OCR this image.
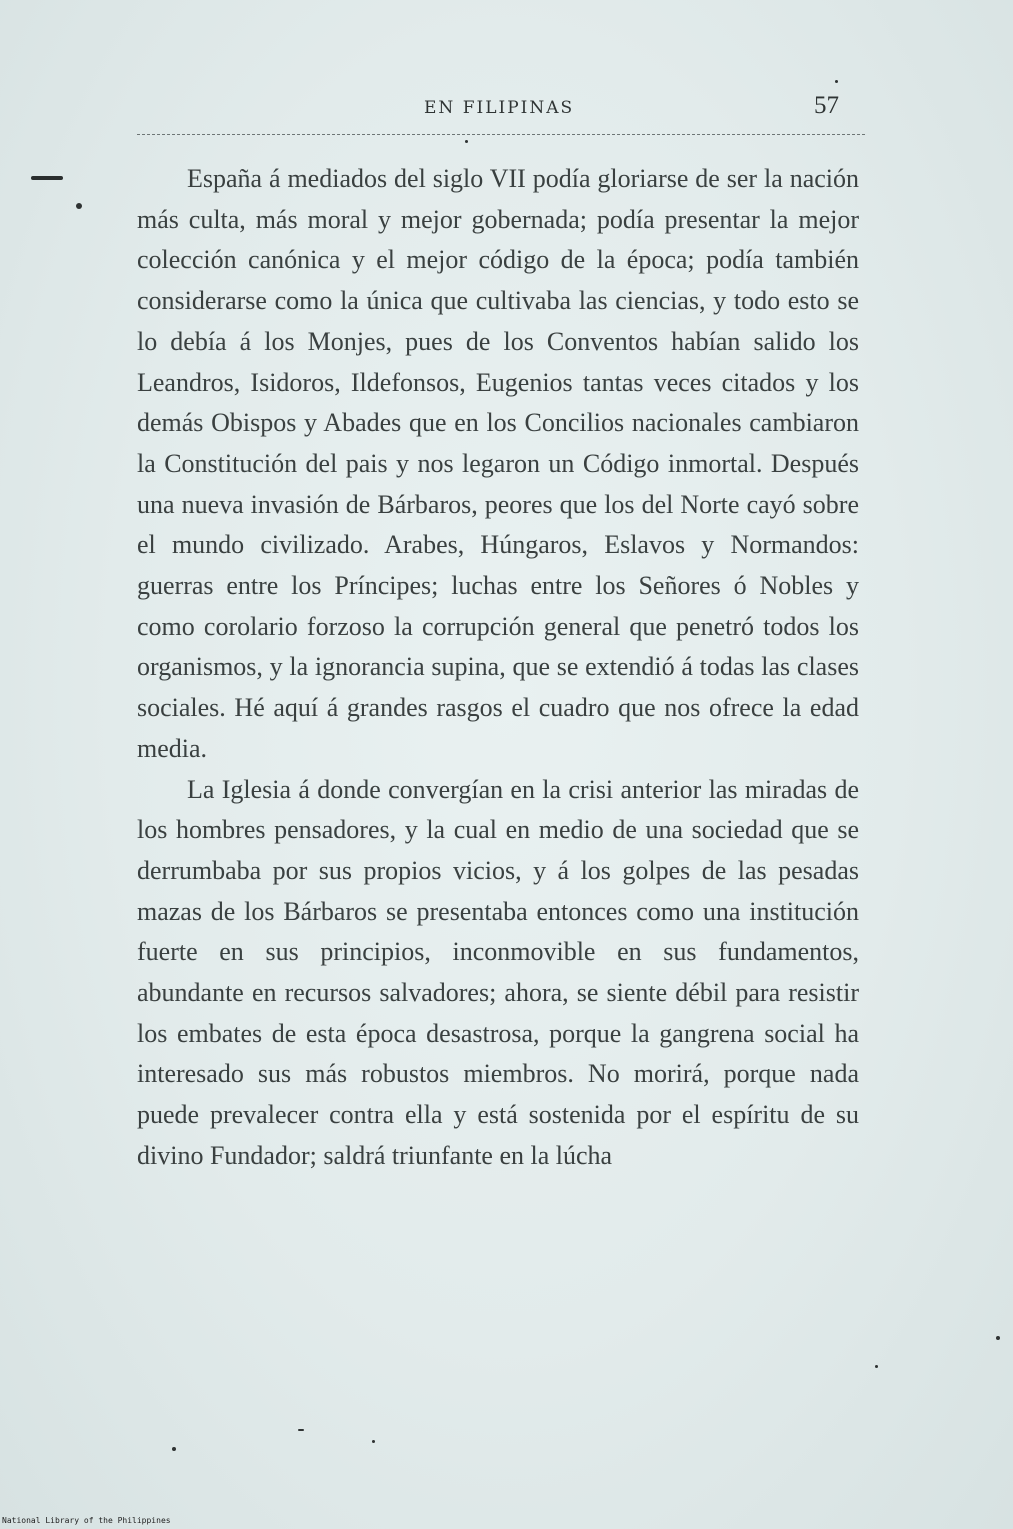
EN FILIPINAS	57

España á mediados del siglo VII podía gloriarse de ser la nación más culta, más moral y mejor gobernada; podía presentar la mejor colección canónica y el mejor código de la época; podía también considerarse como la única que cultivaba las ciencias, y todo esto se lo debía á los Monjes, pues de los Conventos habían salido los Leandros, Isidoros, Ildefonsos, Eugenios tantas veces citados y los demás Obispos y Abades que en los Concilios nacionales cambiaron la Constitución del pais y nos legaron un Código inmortal. Después una nueva invasión de Bárbaros, peores que los del Norte cayó sobre el mundo civilizado. Arabes, Húngaros, Eslavos y Normandos: guerras entre los Príncipes; luchas entre los Señores ó Nobles y como corolario forzoso la corrupción general que penetró todos los organismos, y la ignorancia supina, que se extendió á todas las clases sociales. Hé aquí á grandes rasgos el cuadro que nos ofrece la edad media.

La Iglesia á donde convergían en la crisi anterior las miradas de los hombres pensadores, y la cual en medio de una sociedad que se derrumbaba por sus propios vicios, y á los golpes de las pesadas mazas de los Bárbaros se presentaba entonces como una institución fuerte en sus principios, inconmovible en sus fundamentos, abundante en recursos salvadores; ahora, se siente débil para resistir los embates de esta época desastrosa, porque la gangrena social ha interesado sus más robustos miembros. No morirá, porque nada puede prevalecer contra ella y está sostenida por el espíritu de su divino Fundador; saldrá triunfante en la lúcha

National Library of the Philippines
